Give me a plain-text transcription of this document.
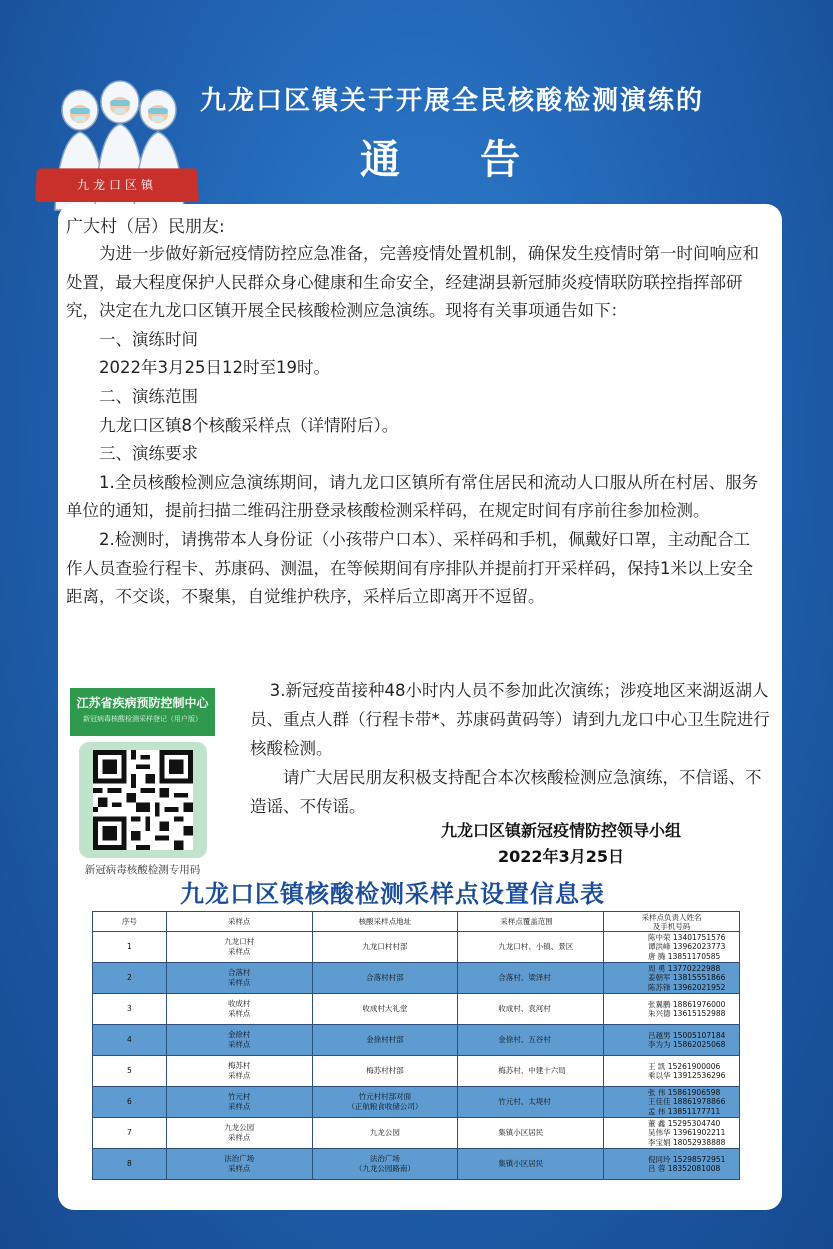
九龙口区镇
九龙口区镇关于开展全民核酸检测演练的
通告
广大村（居）民朋友:

为进一步做好新冠疫情防控应急准备，完善疫情处置机制，确保发生疫情时第一时间响应和处置，最大程度保护人民群众身心健康和生命安全，经建湖县新冠肺炎疫情联防联控指挥部研究，决定在九龙口区镇开展全民核酸检测应急演练。现将有关事项通告如下：

一、演练时间

2022年3月25日12时至19时。

二、演练范围

九龙口区镇8个核酸采样点（详情附后）。

三、演练要求

1.全员核酸检测应急演练期间，请九龙口区镇所有常住居民和流动人口服从所在村居、服务单位的通知，提前扫描二维码注册登录核酸检测采样码，在规定时间有序前往参加检测。

2.检测时，请携带本人身份证（小孩带户口本）、采样码和手机，佩戴好口罩，主动配合工作人员查验行程卡、苏康码、测温，在等候期间有序排队并提前打开采样码，保持1米以上安全距离，不交谈，不聚集，自觉维护秩序，采样后立即离开不逗留。

江苏省疾病预防控制中心
新冠病毒核酸检测采样登记（用户版）
新冠病毒核酸检测专用码

3.新冠疫苗接种48小时内人员不参加此次演练；涉疫地区来湖返湖人员、重点人群（行程卡带*、苏康码黄码等）请到九龙口中心卫生院进行核酸检测。

请广大居民朋友积极支持配合本次核酸检测应急演练，不信谣、不造谣、不传谣。

九龙口区镇新冠疫情防控领导小组
2022年3月25日
九龙口区镇核酸检测采样点设置信息表
序号	采样点	核酸采样点地址	采样点覆盖范围	采样点负责人姓名
及手机号码
1	九龙口村
采样点	九龙口村村部	九龙口村、小镇、景区	陈中荣 13401751576
谭洪峰 13962023773
唐 腾 13851170585
2	合落村
采样点	合落村村部	合落村、梁泽村	周 勇 13770222988
姜朝军 13815551866
陈苏锋 13962021952
3	收成村
采样点	收成村大礼堂	收成村、袁河村	张翼鹏 18861976000
朱兴德 13615152988
4	金徐村
采样点	金徐村村部	金徐村、五谷村	吕越男 15005107184
李为为 15862025068
5	梅苏村
采样点	梅苏村村部	梅苏村、中建十六局	王 凯 15261900006
乘以华 13912536296
6	竹元村
采样点	竹元村村部对面
（正航粮食收储公司）	竹元村、太堤村	张 伟 15861906598
王佳佳 18861978866
孟 伟 13851177711
7	九龙公园
采样点	九龙公园	集镇小区居民	董 鑫 15295304740
吴伟华 13961902211
李宝娟 18052938888
8	法治广场
采样点	法治广场
（九龙公园路南）	集镇小区居民	倪同玲 15298572951
吕 蓉 18352081008
